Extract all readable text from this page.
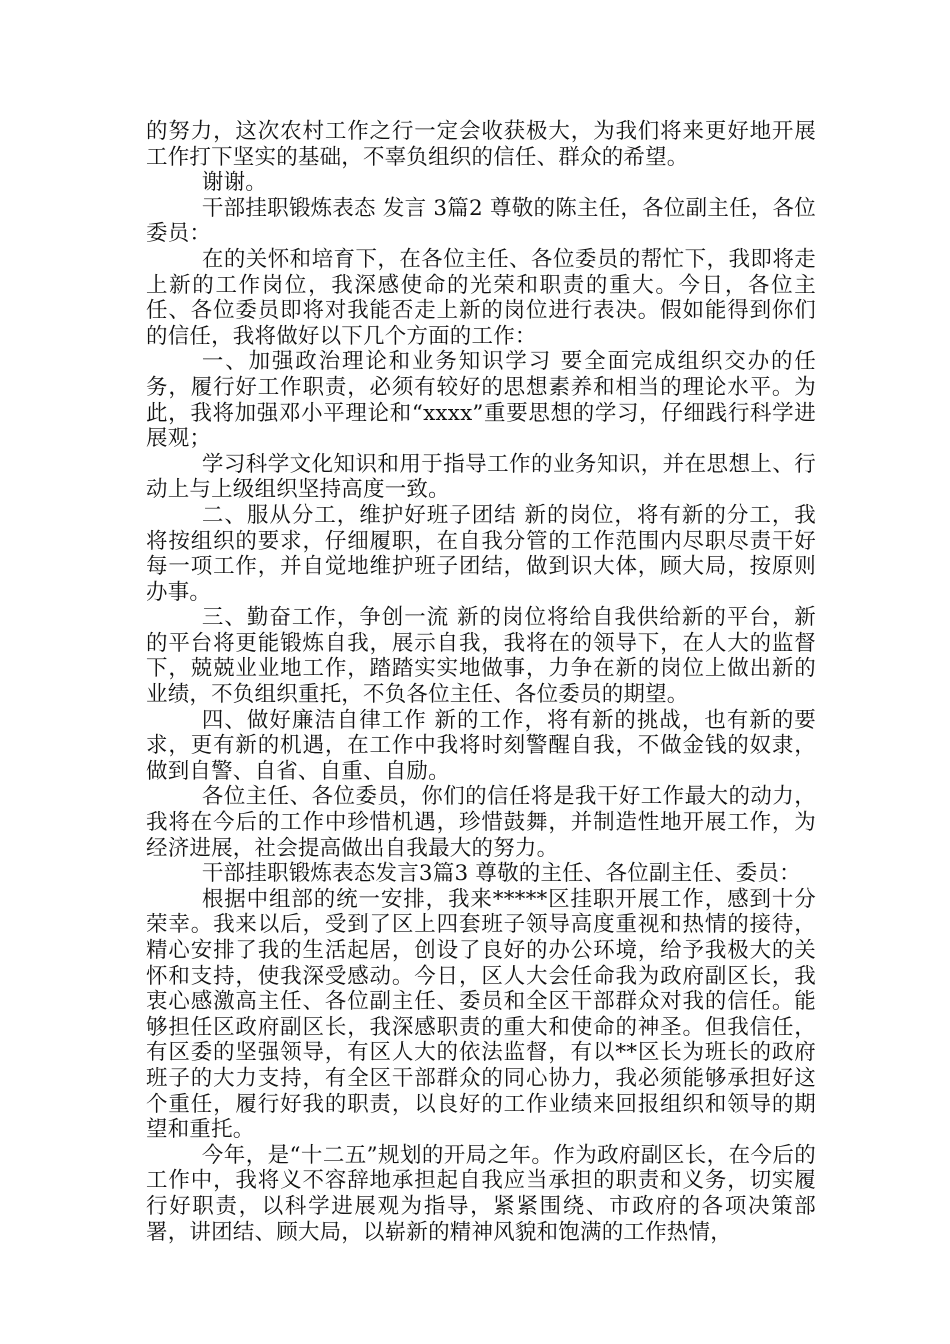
的努力，这次农村工作之行一定会收获极大，为我们将来更好地开展工作打下坚实的基础，不辜负组织的信任、群众的希望。

谢谢。

干部挂职锻炼表态 发言 3篇2 尊敬的陈主任，各位副主任，各位委员：

在的关怀和培育下，在各位主任、各位委员的帮忙下，我即将走上新的工作岗位，我深感使命的光荣和职责的重大。今日，各位主任、各位委员即将对我能否走上新的岗位进行表决。假如能得到你们的信任，我将做好以下几个方面的工作：

一、加强政治理论和业务知识学习 要全面完成组织交办的任务，履行好工作职责，必须有较好的思想素养和相当的理论水平。为此，我将加强邓小平理论和“xxxx”重要思想的学习，仔细践行科学进展观；

学习科学文化知识和用于指导工作的业务知识，并在思想上、行动上与上级组织坚持高度一致。

二、服从分工，维护好班子团结 新的岗位，将有新的分工，我将按组织的要求，仔细履职，在自我分管的工作范围内尽职尽责干好每一项工作，并自觉地维护班子团结，做到识大体，顾大局，按原则办事。

三、勤奋工作，争创一流 新的岗位将给自我供给新的平台，新的平台将更能锻炼自我，展示自我，我将在的领导下，在人大的监督下，兢兢业业地工作，踏踏实实地做事，力争在新的岗位上做出新的业绩，不负组织重托，不负各位主任、各位委员的期望。

四、做好廉洁自律工作 新的工作，将有新的挑战，也有新的要求，更有新的机遇，在工作中我将时刻警醒自我，不做金钱的奴隶，做到自警、自省、自重、自励。

各位主任、各位委员，你们的信任将是我干好工作最大的动力，我将在今后的工作中珍惜机遇，珍惜鼓舞，并制造性地开展工作，为经济进展，社会提高做出自我最大的努力。

干部挂职锻炼表态发言3篇3 尊敬的主任、各位副主任、委员：

根据中组部的统一安排，我来*****区挂职开展工作，感到十分荣幸。我来以后，受到了区上四套班子领导高度重视和热情的接待，精心安排了我的生活起居，创设了良好的办公环境，给予我极大的关怀和支持，使我深受感动。今日，区人大会任命我为政府副区长，我衷心感激高主任、各位副主任、委员和全区干部群众对我的信任。能够担任区政府副区长，我深感职责的重大和使命的神圣。但我信任，有区委的坚强领导，有区人大的依法监督，有以**区长为班长的政府班子的大力支持，有全区干部群众的同心协力，我必须能够承担好这个重任，履行好我的职责，以良好的工作业绩来回报组织和领导的期望和重托。

今年，是“十二五”规划的开局之年。作为政府副区长，在今后的工作中，我将义不容辞地承担起自我应当承担的职责和义务，切实履行好职责，以科学进展观为指导，紧紧围绕、市政府的各项决策部署，讲团结、顾大局，以崭新的精神风貌和饱满的工作热情，
